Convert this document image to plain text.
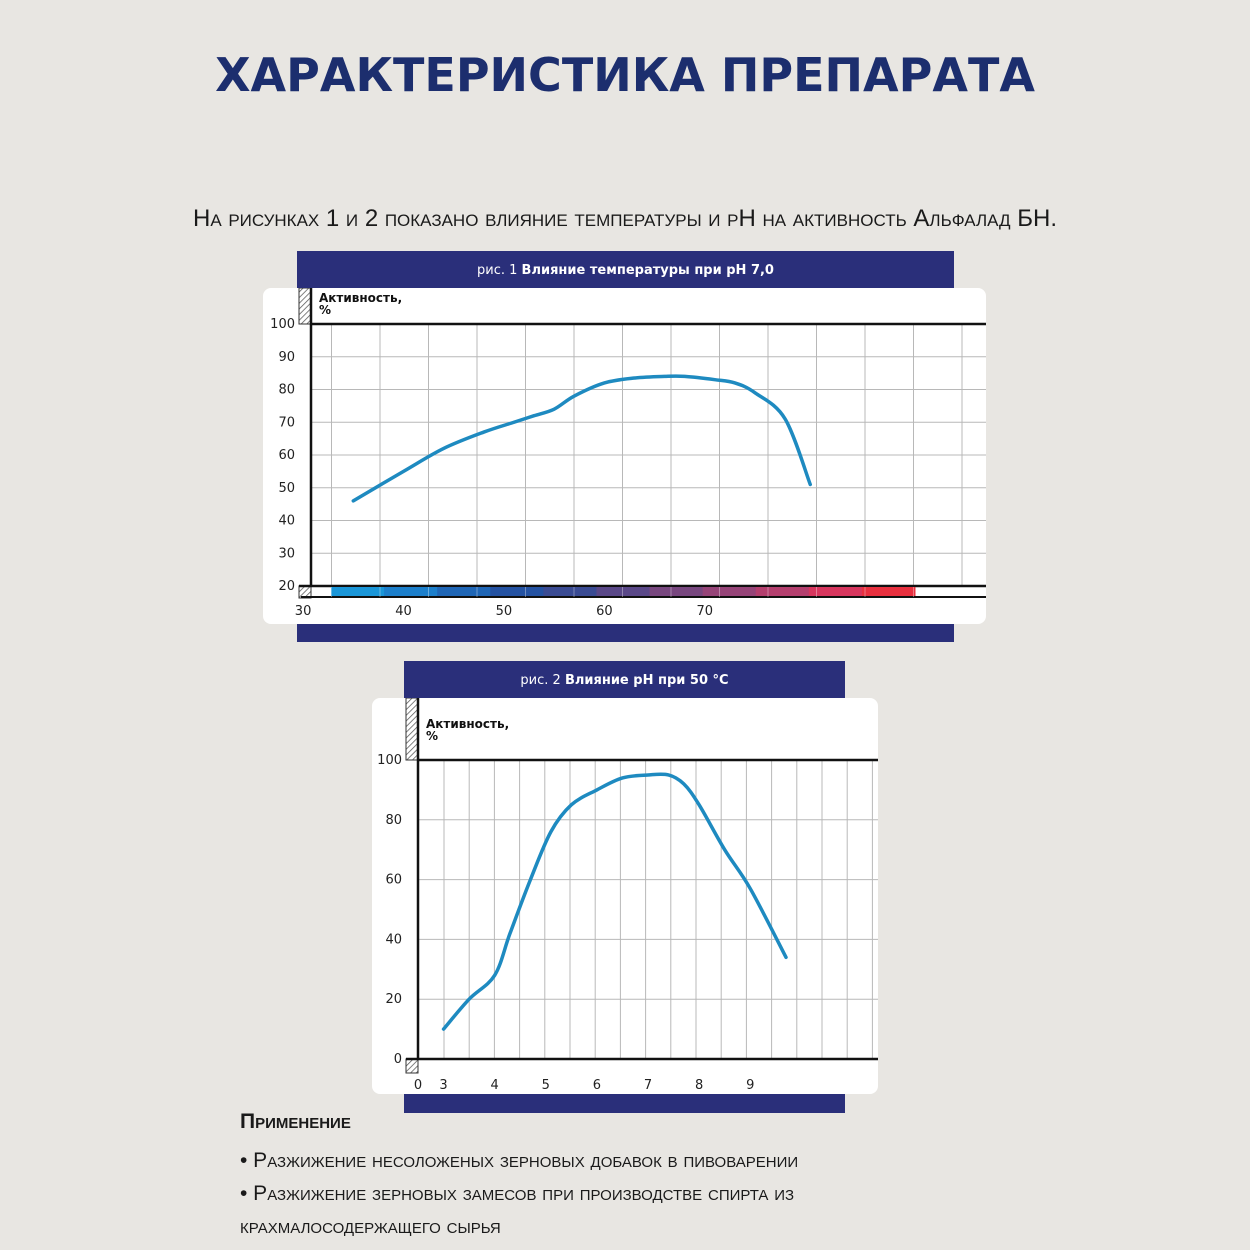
ХАРАКТЕРИСТИКА ПРЕПАРАТА
На рисунках 1 и 2 показано влияние температуры и pH на активность Альфалад БН.
рис. 1 Влияние температуры при pH 7,0
Активность,
%
20
30
40
50
60
70
80
90
100
30	40	50	60	70
рис. 2 Влияние pH при 50 °C
Активность,
%
0
20
40
60
80
100
0 3	4	5	6	7	8	9
Применение
• Разжижение несоложеных зерновых добавок в пивоварении
• Разжижение зерновых замесов при производстве спирта из
крахмалосодержащего сырья
